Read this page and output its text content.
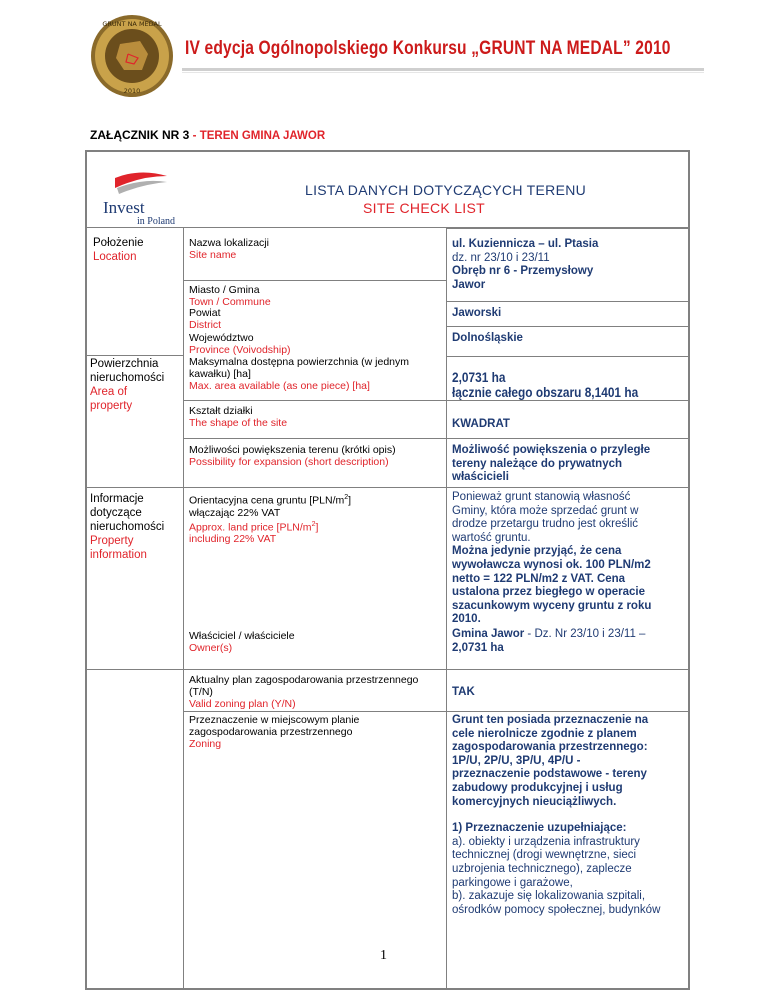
GRUNT NA MEDAL
2010
IV edycja Ogólnopolskiego Konkursu „GRUNT NA MEDAL” 2010
ZAŁĄCZNIK NR 3 - TEREN GMINA JAWOR
Invest
in Poland
LISTA DANYCH DOTYCZĄCYCH TERENU
SITE CHECK LIST
Położenie
Location
Powierzchnia
nieruchomości
Area of
property
Informacje
dotyczące
nieruchomości
Property
information
Nazwa lokalizacji
Site name
Miasto / Gmina
Town / Commune
Powiat
District
Województwo
Province (Voivodship)
Maksymalna dostępna powierzchnia (w jednym
kawałku) [ha]
Max. area available (as one piece) [ha]
Kształt działki
The shape of the site
Możliwości powiększenia terenu (krótki opis)
Possibility for expansion (short description)
Orientacyjna cena gruntu $[PLN/m^2]$
włączając 22% VAT
Approx. land price $[PLN/m^2]$
including 22% VAT
Właściciel / właściciele
Owner(s)
Aktualny plan zagospodarowania przestrzennego
(T/N)
Valid zoning plan (Y/N)
Przeznaczenie w miejscowym planie
zagospodarowania przestrzennego
Zoning
ul. Kuziennicza – ul. Ptasia
dz. nr 23/10 i 23/11
Obręb nr 6 - Przemysłowy
Jawor
Jaworski
Dolnośląskie
2,0731 ha
łącznie całego obszaru 8,1401 ha
KWADRAT
Możliwość powiększenia o przyległe
tereny należące do prywatnych
właścicieli
Ponieważ grunt stanowią własność
Gminy, która może sprzedać grunt w
drodze przetargu trudno jest określić
wartość gruntu.
Można jedynie przyjąć, że cena
wywoławcza wynosi ok. 100 PLN/m2
netto = 122 PLN/m2 z VAT. Cena
ustalona przez biegłego w operacie
szacunkowym wyceny gruntu z roku
2010.
Gmina Jawor - Dz. Nr 23/10 i 23/11 –
2,0731 ha
TAK
Grunt ten posiada przeznaczenie na
cele nierolnicze zgodnie z planem
zagospodarowania przestrzennego:
1P/U, 2P/U, 3P/U, 4P/U -
przeznaczenie podstawowe - tereny
zabudowy produkcyjnej i usług
komercyjnych nieuciążliwych.
1) Przeznaczenie uzupełniające:
a). obiekty i urządzenia infrastruktury
technicznej (drogi wewnętrzne, sieci
uzbrojenia technicznego), zaplecze
parkingowe i garażowe,
b). zakazuje się lokalizowania szpitali,
ośrodków pomocy społecznej, budynków
1
